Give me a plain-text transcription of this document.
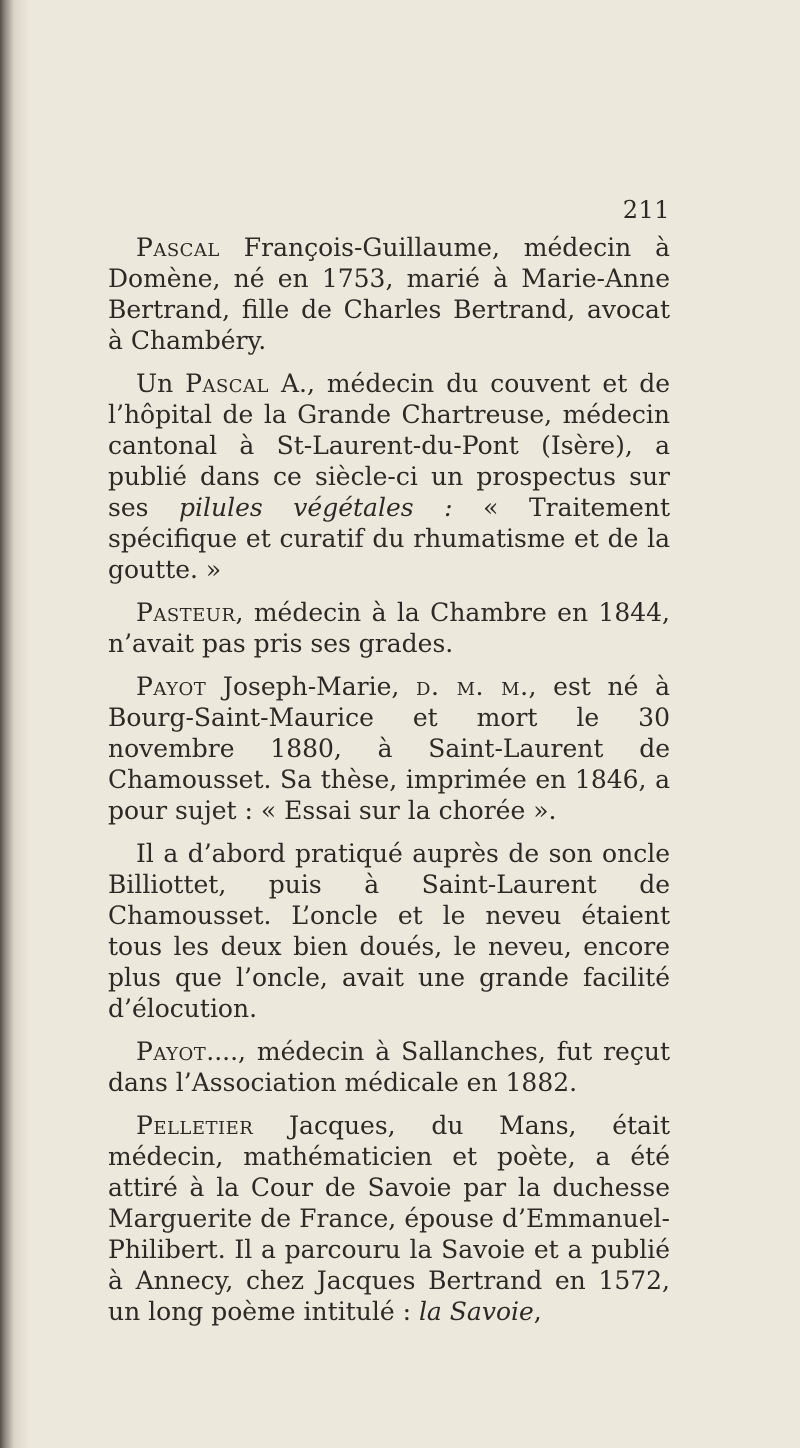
211

Pascal François-Guillaume, médecin à Domène, né en 1753, marié à Marie-Anne Bertrand, fille de Charles Bertrand, avocat à Chambéry.

Un Pascal A., médecin du couvent et de l’hôpital de la Grande Chartreuse, médecin cantonal à St-Laurent-du-Pont (Isère), a publié dans ce siècle-ci un prospectus sur ses pilules végétales : « Traitement spécifique et curatif du rhumatisme et de la goutte. »

Pasteur, médecin à la Chambre en 1844, n’avait pas pris ses grades.

Payot Joseph-Marie, d. m. m., est né à Bourg-Saint-Maurice et mort le 30 novembre 1880, à Saint-Laurent de Chamousset. Sa thèse, imprimée en 1846, a pour sujet : « Essai sur la chorée ».

Il a d’abord pratiqué auprès de son oncle Billiottet, puis à Saint-Laurent de Chamousset. L’oncle et le neveu étaient tous les deux bien doués, le neveu, encore plus que l’oncle, avait une grande facilité d’élocution.

Payot...., médecin à Sallanches, fut reçut dans l’Association médicale en 1882.

Pelletier Jacques, du Mans, était médecin, mathématicien et poète, a été attiré à la Cour de Savoie par la duchesse Marguerite de France, épouse d’Emmanuel-Philibert. Il a parcouru la Savoie et a publié à Annecy, chez Jacques Bertrand en 1572, un long poème intitulé : la Savoie,
